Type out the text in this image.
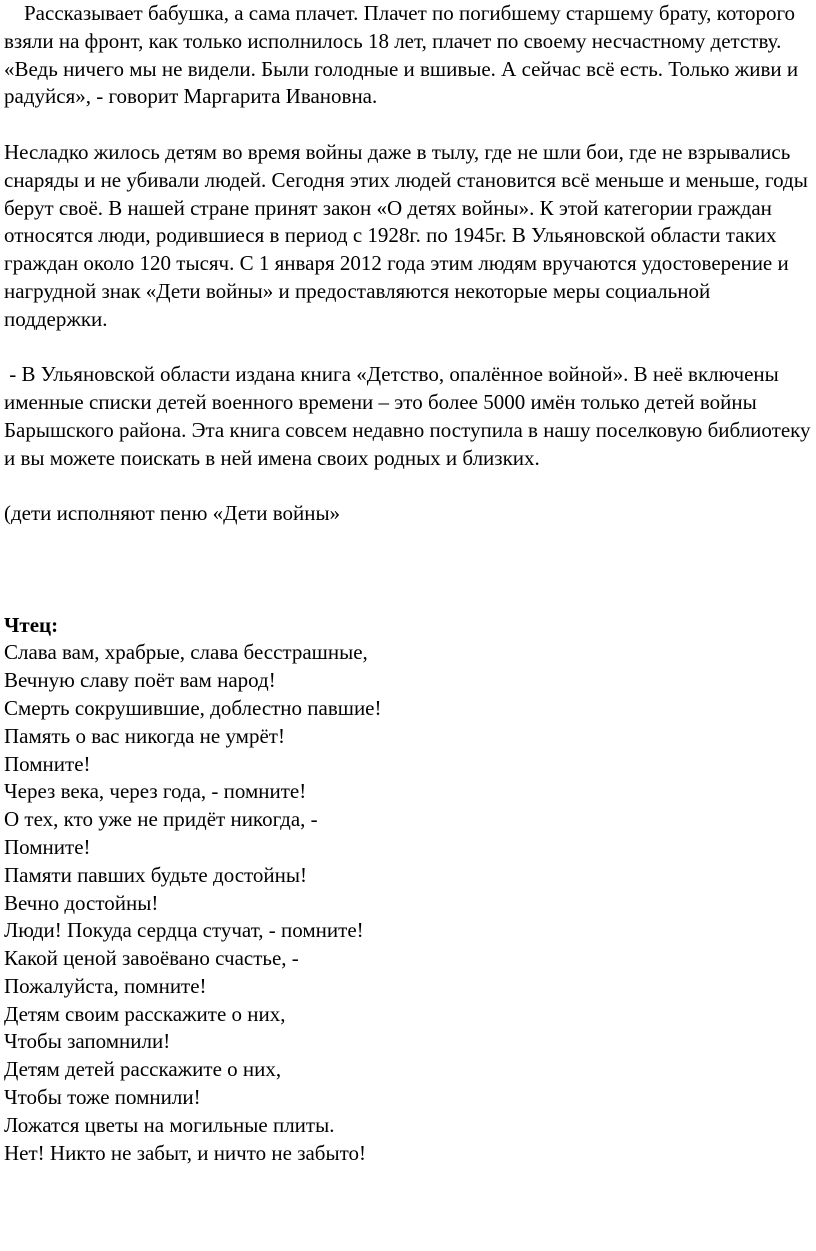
Рассказывает бабушка, а сама плачет. Плачет по погибшему старшему брату, которого взяли на фронт, как только исполнилось 18 лет, плачет по своему несчастному детству. «Ведь ничего мы не видели. Были голодные и вшивые. А сейчас всё есть. Только живи и радуйся», - говорит Маргарита Ивановна.

Несладко жилось детям во время войны даже в тылу, где не шли бои, где не взрывались снаряды и не убивали людей. Сегодня этих людей становится всё меньше и меньше, годы берут своё. В нашей стране принят закон «О детях войны». К этой категории граждан относятся люди, родившиеся в период с 1928г. по 1945г. В Ульяновской области таких граждан около 120 тысяч. С 1 января 2012 года этим людям вручаются удостоверение и нагрудной знак «Дети войны» и предоставляются некоторые меры социальной поддержки.

- В Ульяновской области издана книга «Детство, опалённое войной». В неё включены именные списки детей военного времени – это более 5000 имён только детей войны Барышского района. Эта книга совсем недавно поступила в нашу поселковую библиотеку и вы можете поискать в ней имена своих родных и близких.

(дети исполняют пеню «Дети войны»

Чтец:

Слава вам, храбрые, слава бесстрашные,
Вечную славу поёт вам народ!
Смерть сокрушившие, доблестно павшие!
Память о вас никогда не умрёт!
Помните!
Через века, через года, - помните!
О тех, кто уже не придёт никогда, -
Помните!
Памяти павших будьте достойны!
Вечно достойны!
Люди! Покуда сердца стучат, - помните!
Какой ценой завоёвано счастье, -
Пожалуйста, помните!
Детям своим расскажите о них,
Чтобы запомнили!
Детям детей расскажите о них,
Чтобы тоже помнили!
Ложатся цветы на могильные плиты.
Нет! Никто не забыт, и ничто не забыто!
